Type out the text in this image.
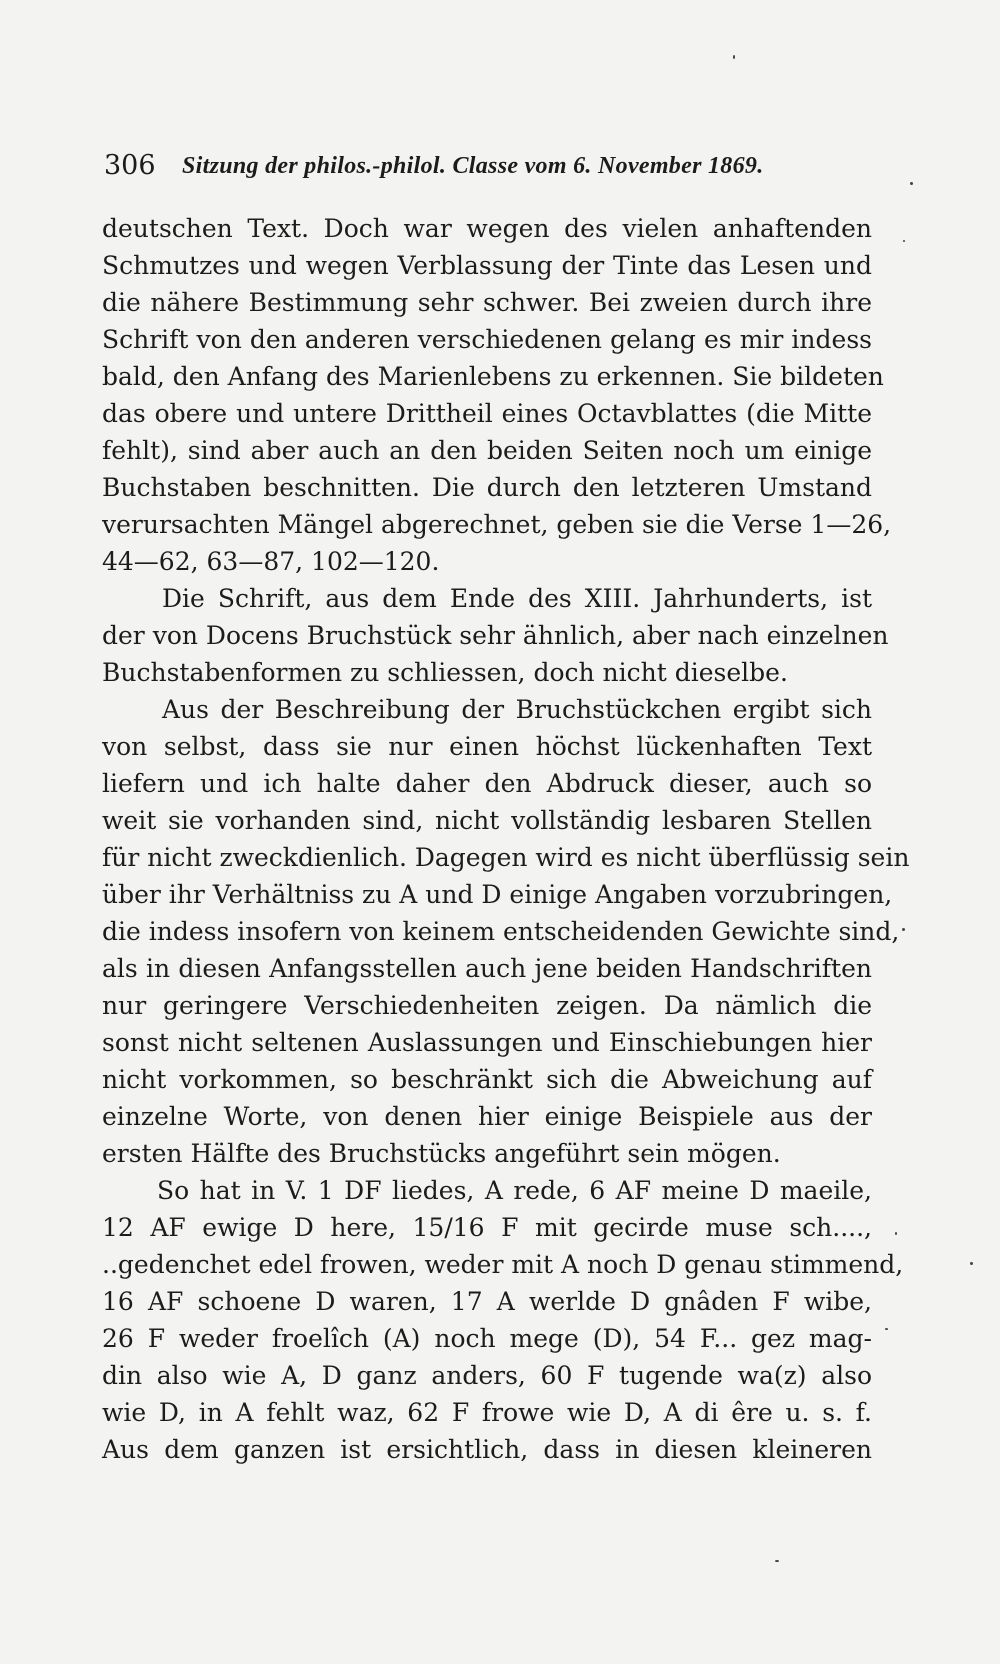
306 Sitzung der philos.-philol. Classe vom 6. November 1869.
deutschen Text. Doch war wegen des vielen anhaftenden
Schmutzes und wegen Verblassung der Tinte das Lesen und
die nähere Bestimmung sehr schwer. Bei zweien durch ihre
Schrift von den anderen verschiedenen gelang es mir indess
bald, den Anfang des Marienlebens zu erkennen. Sie bildeten
das obere und untere Drittheil eines Octavblattes (die Mitte
fehlt), sind aber auch an den beiden Seiten noch um einige
Buchstaben beschnitten. Die durch den letzteren Umstand
verursachten Mängel abgerechnet, geben sie die Verse 1—26,
44—62, 63—87, 102—120.
Die Schrift, aus dem Ende des XIII. Jahrhunderts, ist
der von Docens Bruchstück sehr ähnlich, aber nach einzelnen
Buchstabenformen zu schliessen, doch nicht dieselbe.
Aus der Beschreibung der Bruchstückchen ergibt sich
von selbst, dass sie nur einen höchst lückenhaften Text
liefern und ich halte daher den Abdruck dieser, auch so
weit sie vorhanden sind, nicht vollständig lesbaren Stellen
für nicht zweckdienlich. Dagegen wird es nicht überflüssig sein
über ihr Verhältniss zu A und D einige Angaben vorzubringen,
die indess insofern von keinem entscheidenden Gewichte sind,
als in diesen Anfangsstellen auch jene beiden Handschriften
nur geringere Verschiedenheiten zeigen. Da nämlich die
sonst nicht seltenen Auslassungen und Einschiebungen hier
nicht vorkommen, so beschränkt sich die Abweichung auf
einzelne Worte, von denen hier einige Beispiele aus der
ersten Hälfte des Bruchstücks angeführt sein mögen.
So hat in V. 1 DF liedes, A rede, 6 AF meine D maeile,
12 AF ewige D here, 15/16 F mit gecirde muse sch....,
..gedenchet edel frowen, weder mit A noch D genau stimmend,
16 AF schoene D waren, 17 A werlde D gnâden F wibe,
26 F weder froelîch (A) noch mege (D), 54 F... gez mag-
din also wie A, D ganz anders, 60 F tugende wa(z) also
wie D, in A fehlt waz, 62 F frowe wie D, A di êre u. s. f.
Aus dem ganzen ist ersichtlich, dass in diesen kleineren
